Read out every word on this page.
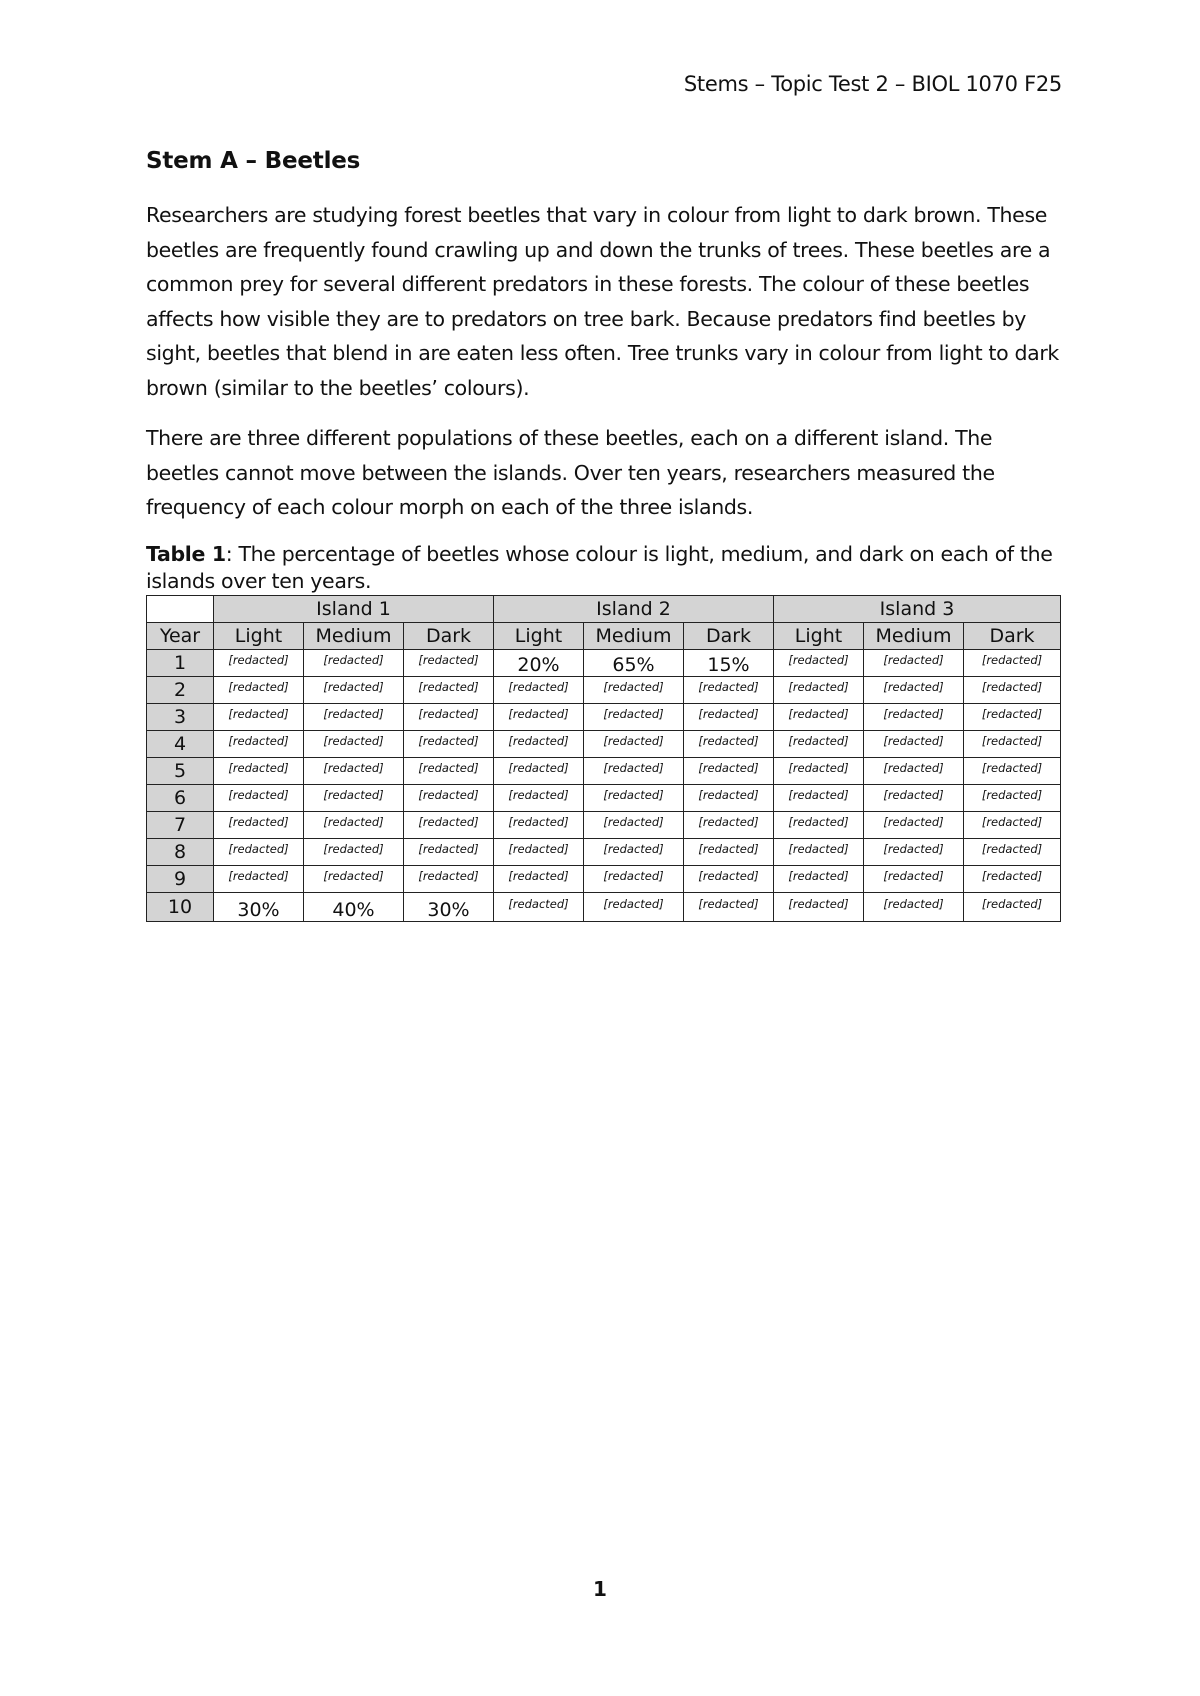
Stems – Topic Test 2 – BIOL 1070 F25
Stem A – Beetles

Researchers are studying forest beetles that vary in colour from light to dark brown. These beetles are frequently found crawling up and down the trunks of trees. These beetles are a common prey for several different predators in these forests. The colour of these beetles affects how visible they are to predators on tree bark. Because predators find beetles by sight, beetles that blend in are eaten less often. Tree trunks vary in colour from light to dark brown (similar to the beetles’ colours).

There are three different populations of these beetles, each on a different island. The beetles cannot move between the islands. Over ten years, researchers measured the frequency of each colour morph on each of the three islands.

Table 1: The percentage of beetles whose colour is light, medium, and dark on each of the islands over ten years.
	Island 1			Island 2			Island 3		
Year	Light	Medium	Dark	Light	Medium	Dark	Light	Medium	Dark
1	[redacted]	[redacted]	[redacted]	20%	65%	15%	[redacted]	[redacted]	[redacted]
2	[redacted]	[redacted]	[redacted]	[redacted]	[redacted]	[redacted]	[redacted]	[redacted]	[redacted]
3	[redacted]	[redacted]	[redacted]	[redacted]	[redacted]	[redacted]	[redacted]	[redacted]	[redacted]
4	[redacted]	[redacted]	[redacted]	[redacted]	[redacted]	[redacted]	[redacted]	[redacted]	[redacted]
5	[redacted]	[redacted]	[redacted]	[redacted]	[redacted]	[redacted]	[redacted]	[redacted]	[redacted]
6	[redacted]	[redacted]	[redacted]	[redacted]	[redacted]	[redacted]	[redacted]	[redacted]	[redacted]
7	[redacted]	[redacted]	[redacted]	[redacted]	[redacted]	[redacted]	[redacted]	[redacted]	[redacted]
8	[redacted]	[redacted]	[redacted]	[redacted]	[redacted]	[redacted]	[redacted]	[redacted]	[redacted]
9	[redacted]	[redacted]	[redacted]	[redacted]	[redacted]	[redacted]	[redacted]	[redacted]	[redacted]
10	30%	40%	30%	[redacted]	[redacted]	[redacted]	[redacted]	[redacted]	[redacted]
1
